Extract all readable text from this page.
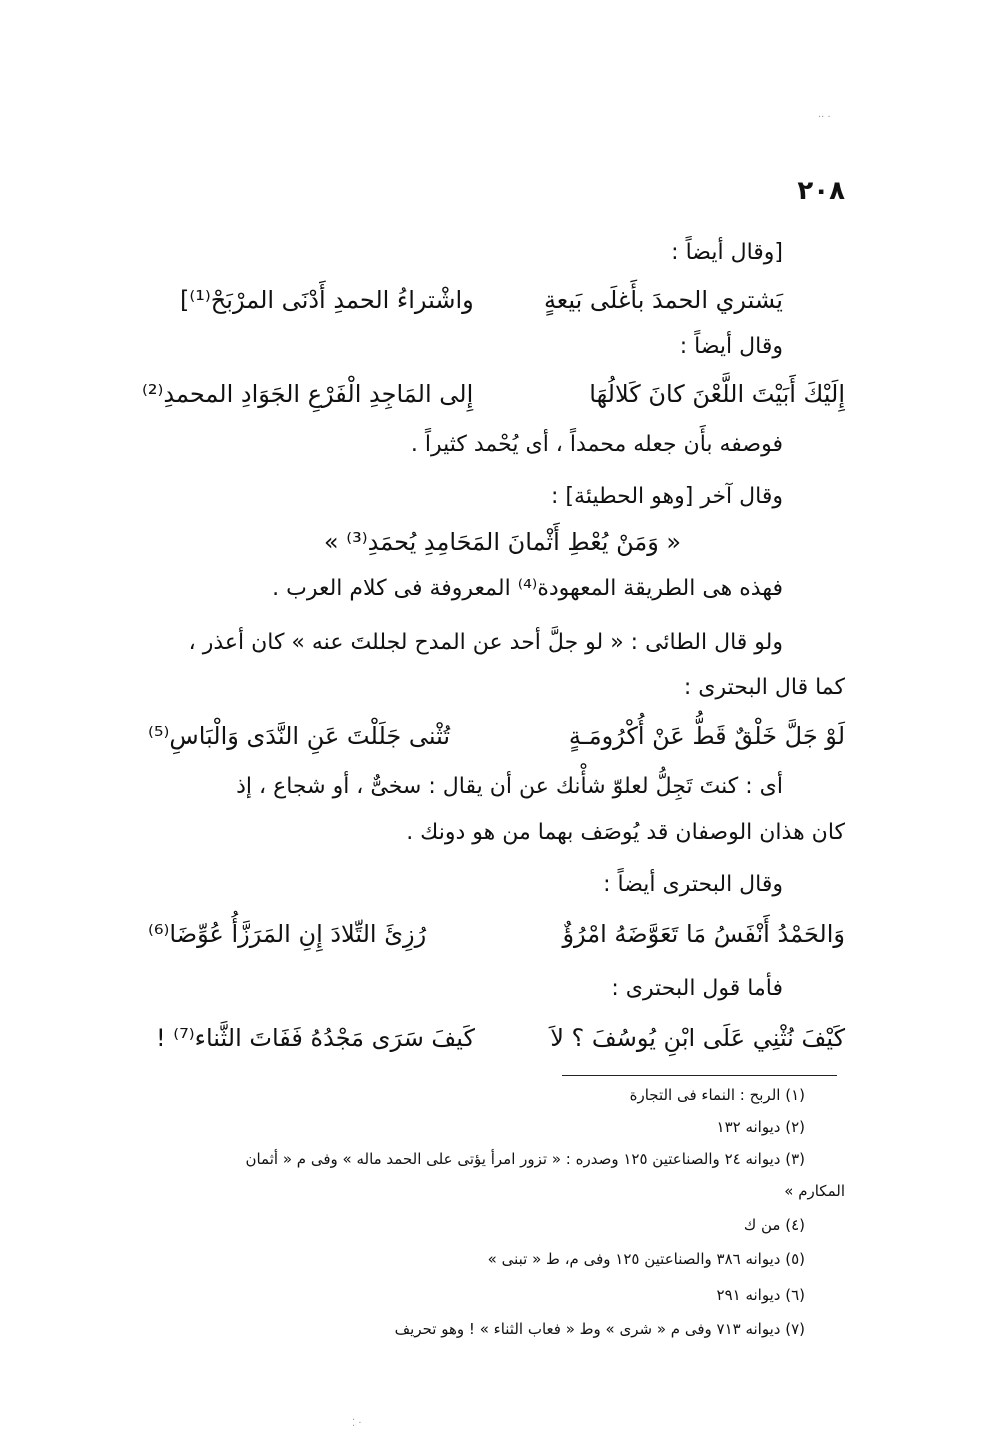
٢٠٨
[وقال أيضاً :
يَشتري الحمدَ بأَغلَى بَيعةٍ
واشْتراءُ الحمدِ أَدْنَى المرْبَحْ⁽¹⁾]
وقال أيضاً :
إِلَيْكَ أَبَيْتَ اللَّعْنَ كانَ كَلالُهَا
إِلى المَاجِدِ الْفَرْعِ الجَوَادِ المحمدِ⁽²⁾
فوصفه بأَن جعله محمداً ، أى يُحْمد كثيراً .
وقال آخر [وهو الحطيئة] :
« وَمَنْ يُعْطِ أَثْمانَ المَحَامِدِ يُحمَدِ⁽³⁾ »
فهذه هى الطريقة المعهودة⁽⁴⁾ المعروفة فى كلام العرب .
ولو قال الطائى : « لو جلَّ أحد عن المدح لجللتَ عنه » كان أعذر ،
كما قال البحترى :
لَوْ جَلَّ خَلْقٌ قَطُّ عَنْ أُكْرُومَـةٍ
تُثْنى جَلَلْتَ عَنِ النَّدَى وَالْبَاسِ⁽⁵⁾
أى : كنتَ تَجِلُّ لعلوّ شأْنك عن أن يقال : سخىٌّ ، أو شجاع ، إذ
كان هذان الوصفان قد يُوصَف بهما من هو دونك .
وقال البحترى أيضاً :
وَالحَمْدُ أَنْفَسُ مَا تَعَوَّضَهُ امْرُؤٌ
رُزِئَ التِّلادَ إِنِ المَرَزَّأُ عُوِّضَا⁽⁶⁾
فأما قول البحترى :
كَيْفَ نُثْنِي عَلَى ابْنِ يُوسُفَ ؟ لاَ
كَيفَ سَرَى مَجْدُهُ فَفَاتَ الثَّناء⁽⁷⁾ !
(١) الربح : النماء فى التجارة
(٢) ديوانه ١٣٢
(٣) ديوانه ٢٤ والصناعتين ١٢٥ وصدره : « تزور امرأ يؤتى على الحمد ماله » وفى م « أثمان
المكارم »
(٤) من ك
(٥) ديوانه ٣٨٦ والصناعتين ١٢٥ وفى م، ط « تبنى »
(٦) ديوانه ٢٩١
(٧) ديوانه ٧١٣ وفى م « شرى » وط « فعاب الثناء » ! وهو تحريف
·· ·
⁚ ·
